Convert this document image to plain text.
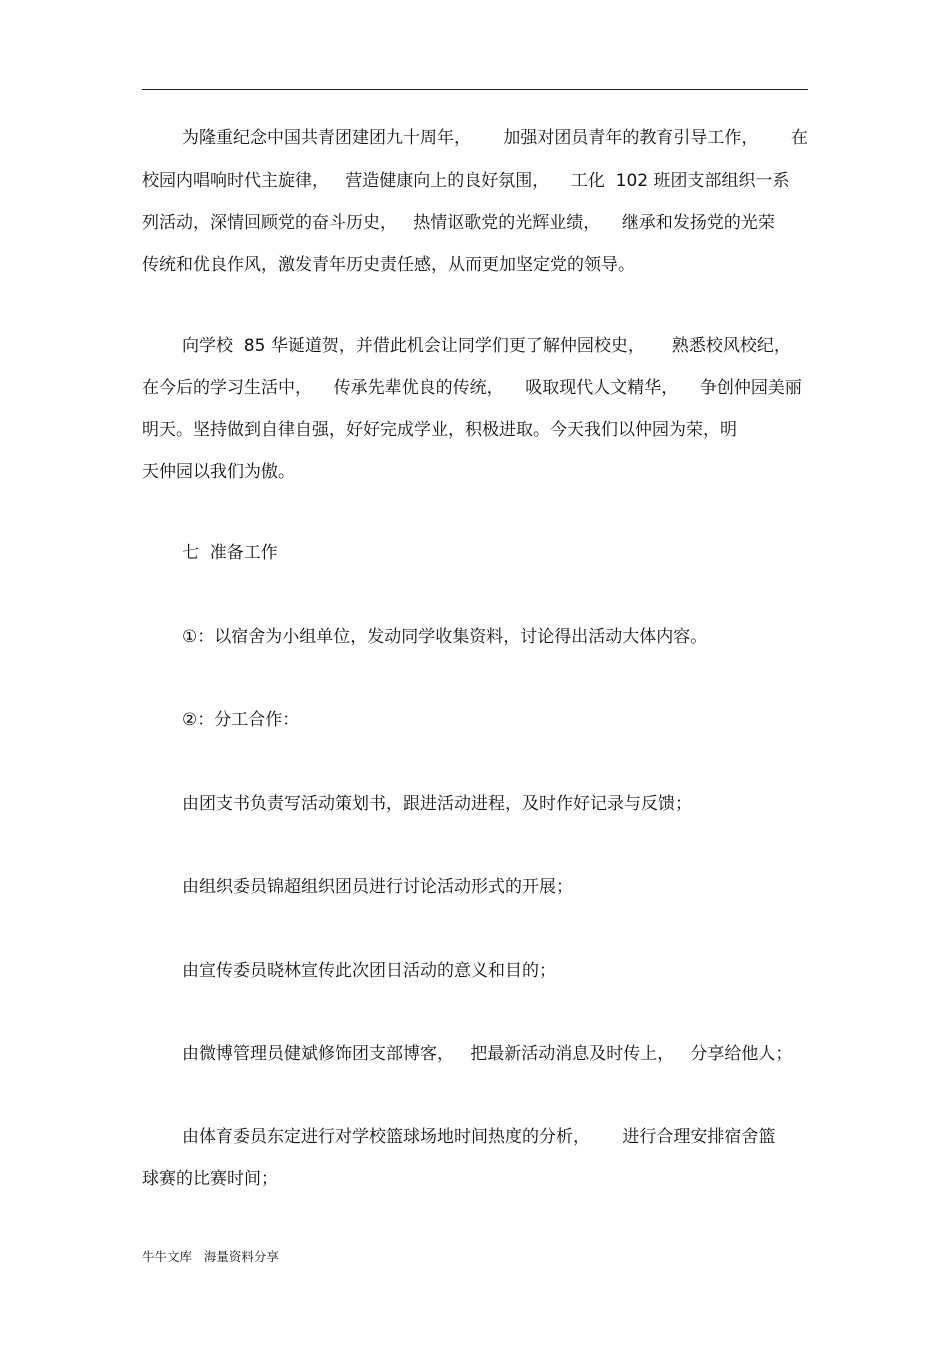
为隆重纪念中国共青团建团九十周年，      加强对团员青年的教育引导工作，      在

校园内唱响时代主旋律，   营造健康向上的良好氛围，    工化  102 班团支部组织一系

列活动，深情回顾党的奋斗历史，   热情讴歌党的光辉业绩，    继承和发扬党的光荣

传统和优良作风，激发青年历史责任感，从而更加坚定党的领导。

向学校  85 华诞道贺，并借此机会让同学们更了解仲园校史，     熟悉校风校纪，

在今后的学习生活中，    传承先辈优良的传统，    吸取现代人文精华，    争创仲园美丽

明天。坚持做到自律自强，好好完成学业，积极进取。今天我们以仲园为荣，明

天仲园以我们为傲。

七  准备工作

①：以宿舍为小组单位，发动同学收集资料，讨论得出活动大体内容。

②：分工合作：

由团支书负责写活动策划书，跟进活动进程，及时作好记录与反馈；

由组织委员锦超组织团员进行讨论活动形式的开展；

由宣传委员晓林宣传此次团日活动的意义和目的；

由微博管理员健斌修饰团支部博客，   把最新活动消息及时传上，   分享给他人；

由体育委员东定进行对学校篮球场地时间热度的分析，      进行合理安排宿舍篮

球赛的比赛时间；

牛牛文库   海量资料分享
